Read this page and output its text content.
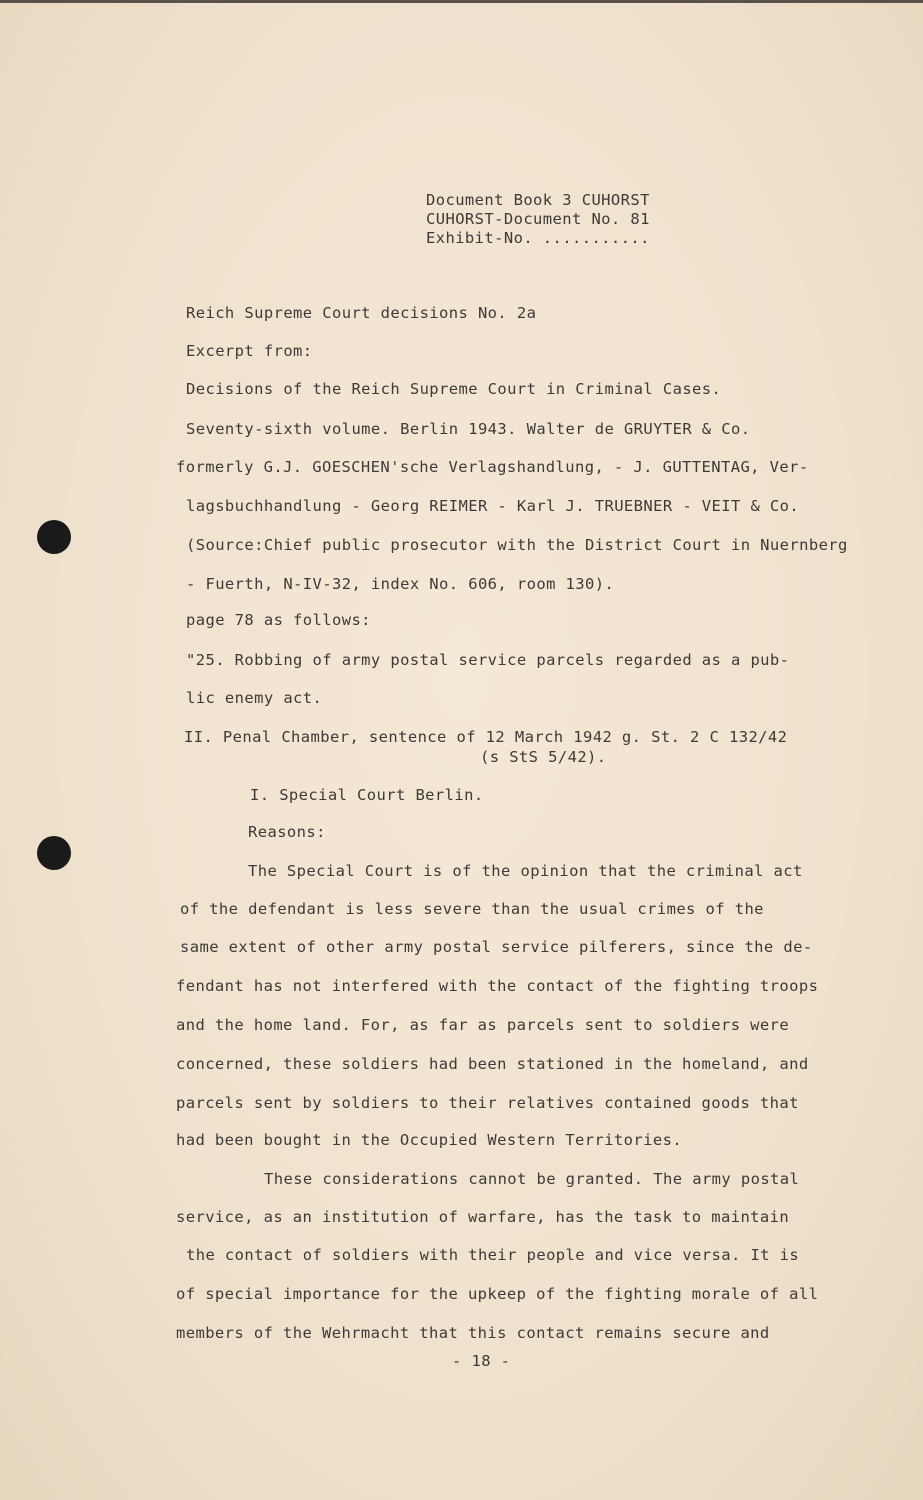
Document Book 3 CUHORST
CUHORST-Document No. 81
Exhibit-No. ...........
Reich Supreme Court decisions No. 2a
Excerpt from:
Decisions of the Reich Supreme Court in Criminal Cases.
Seventy-sixth volume. Berlin 1943. Walter de GRUYTER & Co.
formerly G.J. GOESCHEN'sche Verlagshandlung, - J. GUTTENTAG, Ver-
lagsbuchhandlung - Georg REIMER - Karl J. TRUEBNER - VEIT & Co.
(Source:Chief public prosecutor with the District Court in Nuernberg
- Fuerth, N-IV-32, index No. 606, room 130).
page 78 as follows:
"25. Robbing of army postal service parcels regarded as a pub-
lic enemy act.
II. Penal Chamber, sentence of 12 March 1942 g. St. 2 C 132/42
(s StS 5/42).
I. Special Court Berlin.
Reasons:
The Special Court is of the opinion that the criminal act
of the defendant is less severe than the usual crimes of the
same extent of other army postal service pilferers, since the de-
fendant has not interfered with the contact of the fighting troops
and the home land. For, as far as parcels sent to soldiers were
concerned, these soldiers had been stationed in the homeland, and
parcels sent by soldiers to their relatives contained goods that
had been bought in the Occupied Western Territories.
These considerations cannot be granted. The army postal
service, as an institution of warfare, has the task to maintain
the contact of soldiers with their people and vice versa. It is
of special importance for the upkeep of the fighting morale of all
members of the Wehrmacht that this contact remains secure and
- 18 -
